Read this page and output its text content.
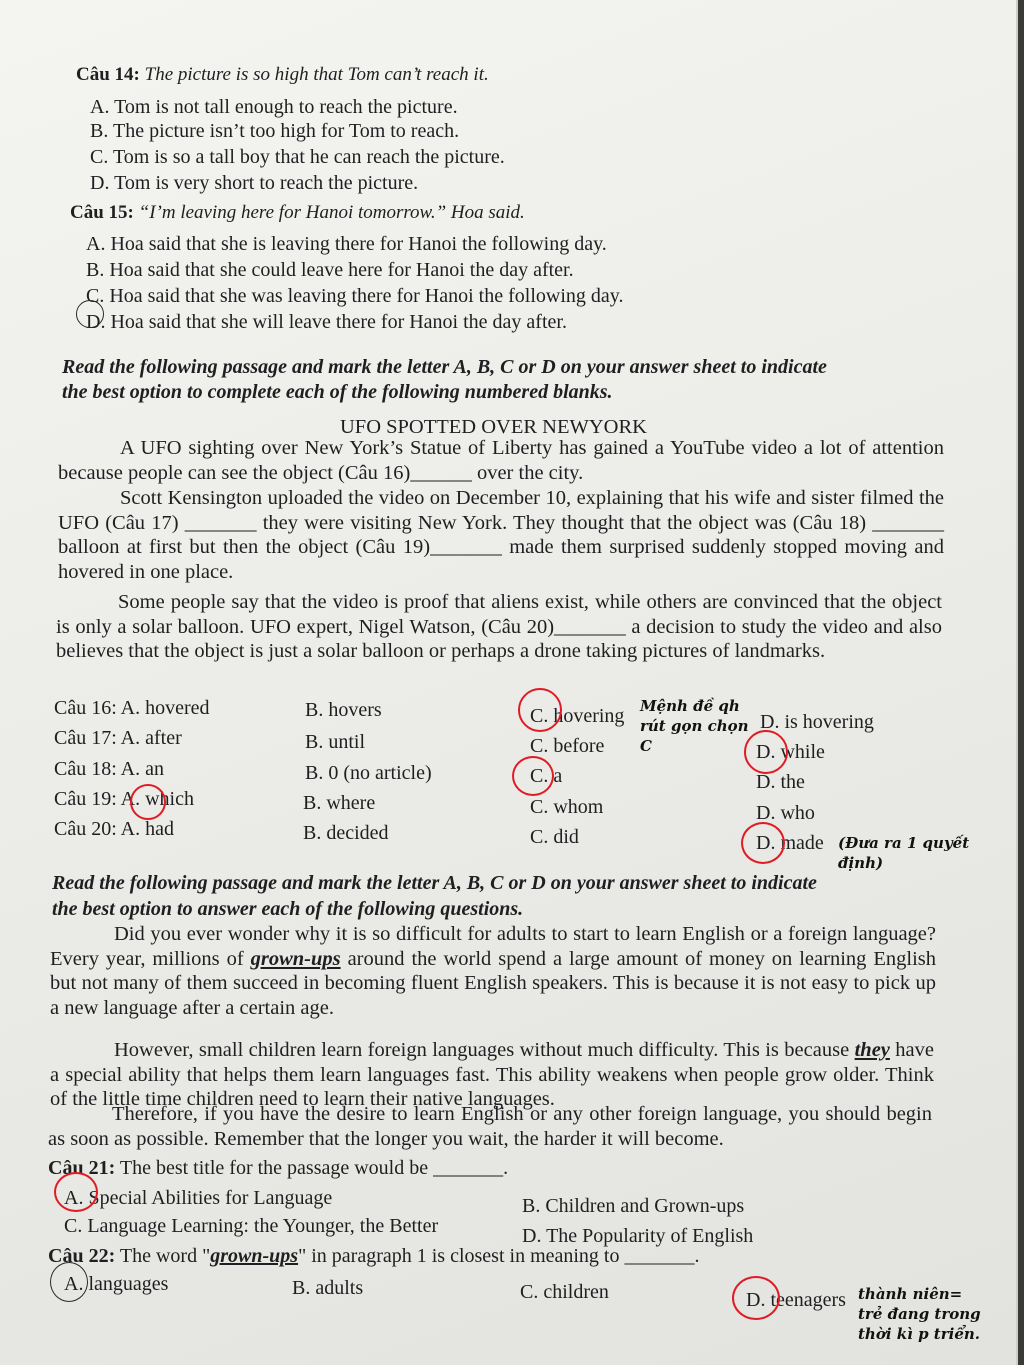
Câu 14: The picture is so high that Tom can’t reach it.
A. Tom is not tall enough to reach the picture.
B. The picture isn’t too high for Tom to reach.
C. Tom is so a tall boy that he can reach the picture.
D. Tom is very short to reach the picture.
Câu 15: “I’m leaving here for Hanoi tomorrow.” Hoa said.
A. Hoa said that she is leaving there for Hanoi the following day.
B. Hoa said that she could leave here for Hanoi the day after.
C. Hoa said that she was leaving there for Hanoi the following day.
D. Hoa said that she will leave there for Hanoi the day after.
Read the following passage and mark the letter A, B, C or D on your answer sheet to indicate
the best option to complete each of the following numbered blanks.
UFO SPOTTED OVER NEWYORK
A UFO sighting over New York’s Statue of Liberty has gained a YouTube video a lot of attention because people can see the object (Câu 16)______ over the city.
Scott Kensington uploaded the video on December 10, explaining that his wife and sister filmed the UFO (Câu 17) _______ they were visiting New York. They thought that the object was (Câu 18) _______ balloon at first but then the object (Câu 19)_______ made them surprised suddenly stopped moving and hovered in one place.
Some people say that the video is proof that aliens exist, while others are convinced that the object is only a solar balloon. UFO expert, Nigel Watson, (Câu 20)_______ a decision to study the video and also believes that the object is just a solar balloon or perhaps a drone taking pictures of landmarks.
Câu 16: A. hovered	B. hovers	C. hovering	D. is hovering
Câu 17: A. after	B. until	C. before	D. while
Câu 18: A. an	B. 0 (no article)	C. a	D. the
Câu 19: A. which	B. where	C. whom	D. who
Câu 20: A. had	B. decided	C. did	D. made
Mệnh đề qh rút gọn chọn C
(Đưa ra 1 quyết định)
Read the following passage and mark the letter A, B, C or D on your answer sheet to indicate
the best option to answer each of the following questions.
Did you ever wonder why it is so difficult for adults to start to learn English or a foreign language? Every year, millions of grown-ups around the world spend a large amount of money on learning English but not many of them succeed in becoming fluent English speakers. This is because it is not easy to pick up a new language after a certain age.
However, small children learn foreign languages without much difficulty. This is because they have a special ability that helps them learn languages fast. This ability weakens when people grow older. Think of the little time children need to learn their native languages.
Therefore, if you have the desire to learn English or any other foreign language, you should begin as soon as possible. Remember that the longer you wait, the harder it will become.
Câu 21: The best title for the passage would be _______.
A. Special Abilities for Language	B. Children and Grown-ups
C. Language Learning: the Younger, the Better	D. The Popularity of English
Câu 22: The word "grown-ups" in paragraph 1 is closest in meaning to _______.
A. languages	B. adults	C. children	D. teenagers thành niên= trẻ đang trong thời kì p triển.
